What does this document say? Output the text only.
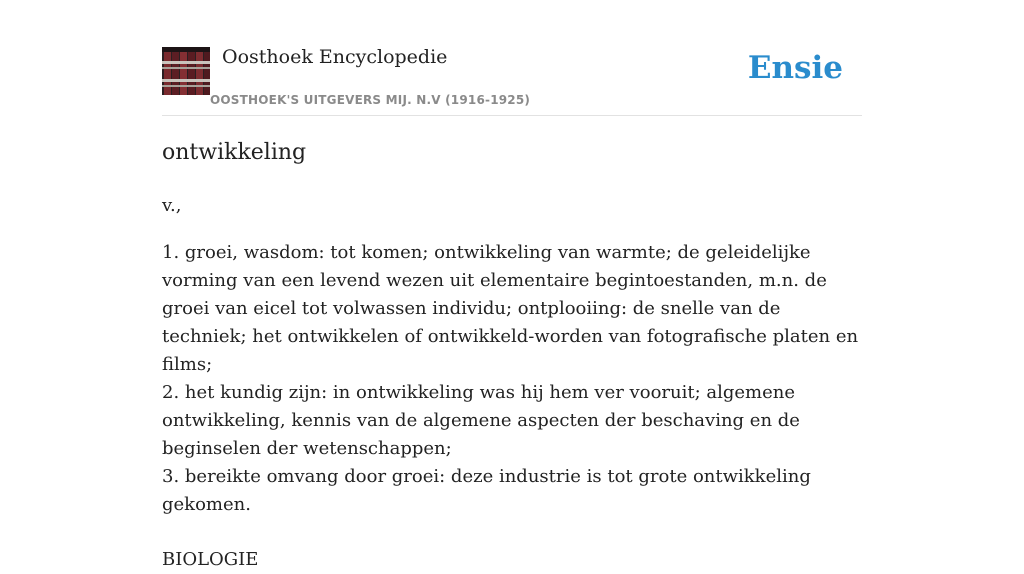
Oosthoek Encyclopedie
OOSTHOEK'S UITGEVERS MIJ. N.V (1916-1925)
Ensie
ontwikkeling

v.,

1. groei, wasdom: tot komen; ontwikkeling van warmte; de geleidelijke vorming van een levend wezen uit elementaire begintoestanden, m.n. de groei van eicel tot volwassen individu; ontplooiing: de snelle van de techniek; het ontwikkelen of ontwikkeld-worden van fotografische platen en films;

2. het kundig zijn: in ontwikkeling was hij hem ver vooruit; algemene ontwikkeling, kennis van de algemene aspecten der beschaving en de beginselen der wetenschappen;

3. bereikte omvang door groei: deze industrie is tot grote ontwikkeling gekomen.

BIOLOGIE
